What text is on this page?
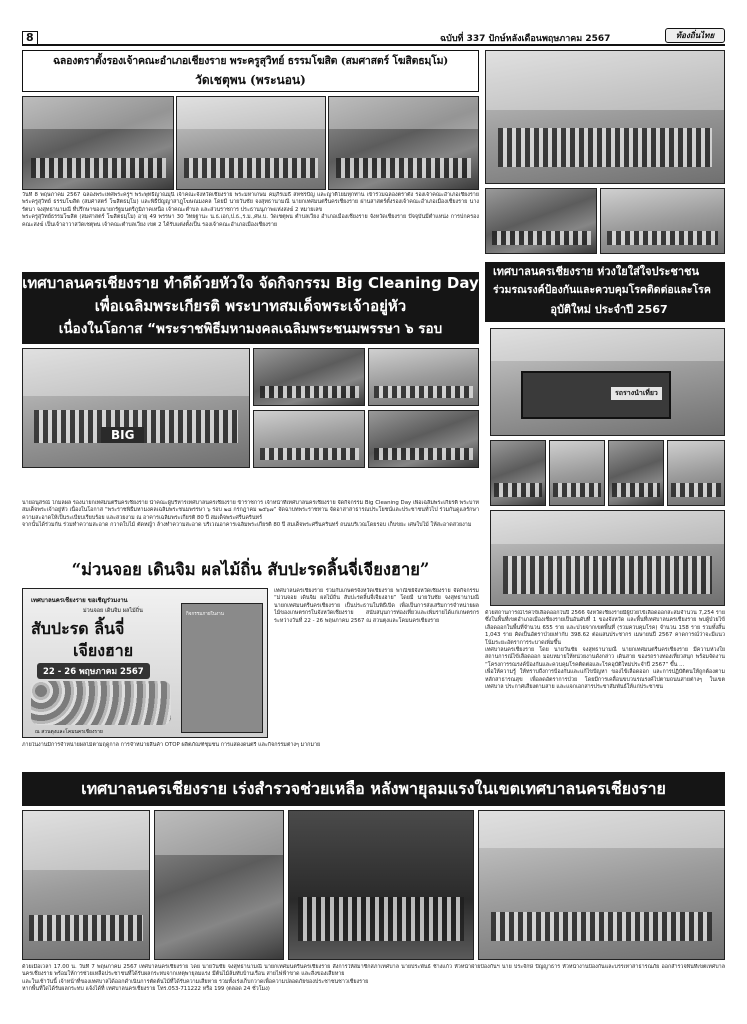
8	ฉบับที่ 337 ปักษ์หลังเดือนพฤษภาคม 2567	ท้องถิ่นไทย
ฉลองตราตั้งรองเจ้าคณะอำเภอเชียงราย พระครูสุวิทย์ ธรรมโฆสิต (สมศาสตร์ โฆสิตธมฺโม)
วัดเชตุพน (พระนอน)

วันที่ 8 พฤษภาคม 2567 ฉลองพระเทศพระครูฯ พระพุทธิญาณมุนี เจ้าคณะจังหวัดเชียงราย พระมหาเกษม คมฺภีรเมธี สหชรปัญ และญาติโยมทุกท่าน เข้าร่วมฉลองตราตั้ง รองเจ้าคณะอำเภอเชียงราย พระครูสุวิทย์ ธรรมโฆสิต (สมศาสตร์ โฆสิตธมฺโม) และพิธีปัญญาสาฎุโฆษณมงคล โดยมี นายวันชัย จงสุทธานามณี นายกเทศมนตรีนครเชียงราย ผ่านสาสตร์ตั้งรองเจ้าคณะอำเภอเมืองเชียงราย นางรัตนา จงสุทธานามณี ที่ปรึกษาของนายกรัฐมนตรีภูมิภาคเหนือ เจ้าคณะตำบล และส่วนราชการ ประธานนุภาพแห่งสงฆ์ 2 หมายเลข

พระครูสุวิทย์ธรรมโฆสิต (สมศาสตร์ โฆสิตธมฺโม) อายุ 49 พรรษา 30 วิทยฐานะ น.ธ.เอก,ป.ธ.,ร.ม.,ศษ.บ. วัดเชตุพน ตำบลเวียง อำเภอเมืองเชียงราย จังหวัดเชียงราย ปัจจุบันมีตำแหน่ง การปกครองคณะสงฆ์ เป็นเจ้าอาวาสวัดเชตุพน เจ้าคณะตำบลเวียง เขต 2 ได้รับแต่งตั้งเป็น รองเจ้าคณะอำเภอเมืองเชียงราย

เทศบาลนครเชียงราย ทำดีด้วยหัวใจ จัดกิจกรรม Big Cleaning Day
เพื่อเฉลิมพระเกียรติ พระบาทสมเด็จพระเจ้าอยู่หัว
เนื่องในโอกาส “พระราชพิธีมหามงคลเฉลิมพระชนมพรรษา ๖ รอบ
BIG

นายอนุสรณ์ โกมลผล รองนายกเทศมนตรีนครเชียงราย นำคณะผู้บริหารเทศบาลนครเชียงราย ข้าราชการ เจ้าหน้าที่เทศบาลนครเชียงราย จัดกิจกรรม Big Cleaning Day เพื่อเฉลิมพระเกียรติ พระบาทสมเด็จพระเจ้าอยู่หัว เนื่องในโอกาส “พระราชพิธีมหามงคลเฉลิมพระชนมพรรษา ๖ รอบ ๒๘ กรกฎาคม ๒๕๖๗” จัดฉาบทพระราชทาน จัดอาสาสาธารณประโยชน์และประชาชนทั่วไป ร่วมกันดูแลรักษาความสะอาดให้เป็นระเบียบเรียบร้อย และสวยงาม ณ อาคารเฉลิมพระเกียรติ 80 ปี สมเด็จพระศรีนครินทร์

จากนั้นได้ร่วมกัน ร่วมทำความสะอาด กวาดใบไม้ ตัดหญ้า ล้างทำความสะอาด บริเวณอาคารเฉลิมพระเกียรติ 80 ปี สมเด็จพระศรีนครินทร์ ถนนบริเวณโดยรอบ เก็บขยะ เศษใบไม้ ให้สะอาดสวยงาม

เทศบาลนครเชียงราย ห่วงใยใส่ใจประชาชน
ร่วมรณรงค์ป้องกันและควบคุมโรคติดต่อและโรค
อุบัติใหม่ ประจำปี 2567
รถรางนำเที่ยว
“ม่วนจอย เดินจิม ผลไม้ถิ่น สับปะรดลิ้นจี่เจียงฮาย”
เทศบาลนครเชียงราย ขอเชิญร่วมงาน
ม่วนจอย เดินจิม ผลไม้ถิ่น
สับปะรด ลิ้นจี่
เจียงฮาย
22 - 26 พฤษภาคม 2567
ณ สวนตุงและโคมนครเชียงราย
กิจกรรมภายในงาน

เทศบาลนครเชียงราย ร่วมกับเกษตรจังหวัดเชียงราย พาณิชย์จังหวัดเชียงราย จัดกิจกรรม “ม่วนจอย เดินจิม ผลไม้ถิ่น สับปะรดลิ้นจี่เจียงฮาย” โดยมี นายวันชัย จงสุทธานามณี นายกเทศมนตรีนครเชียงราย เป็นประธานในพิธีเปิด เพื่อเป็นการส่งเสริมการจำหน่ายผลไม้ของเกษตรกรในจังหวัดเชียงราย สนับสนุนการท่องเที่ยวและเพิ่มรายได้แก่เกษตรกร ระหว่างวันที่ 22 - 26 พฤษภาคม 2567 ณ สวนตุงและโคมนครเชียงราย

ภายในงานมีการจำหน่ายผลไม้ตามฤดูกาล การจำหน่ายสินค้า OTOP ผลิตภัณฑ์ชุมชน การแสดงดนตรี และกิจกรรมต่างๆ มากมาย

ด้วยสถานการณ์โรคไข้เลือดออกในปี 2566 จังหวัดเชียงรายมีผู้ป่วยไข้เลือดออกสะสมจำนวน 7,254 ราย ซึ่งในพื้นที่เขตอำเภอเมืองเชียงรายเป็นอันดับที่ 1 ของจังหวัด และพื้นที่เทศบาลนครเชียงราย พบผู้ป่วยไข้เลือดออกในพื้นที่จำนวน 655 ราย และปวยจากเขตพื้นที่ (รวมควบคุมโรค) จำนวน 158 ราย รวมทั้งสิ้น 1,043 ราย คิดเป็นอัตราป่วยเท่ากับ 398.62 ต่อแสนประชากร เมษายนปี 2567 คาดการณ์ว่าจะมีแนวโน้มระยะอัตราการระบาดเพิ่มขึ้น

เทศบาลนครเชียงราย โดย นายวันชัย จงสุทธานามณี นายกเทศมนตรีนครเชียงราย มีความห่วงใยสถานการณ์ไข้เลือดออก มอบหมายให้หน่วยงานดังกล่าว เดินสาย ของรถรางทองเที่ยวสนุก พร้อมจัดงาน “โครงการรณรงค์ป้องกันและควบคุมโรคติดต่อและโรคอุบัติใหม่ประจำปี 2567” ขึ้น ...

เพื่อให้ความรู้ ให้ทราบถึงการป้องกันและแก้ไขปัญหา ของไข้เลือดออก และการปฏิบัติตนให้ถูกต้องตามหลักสาธารณสุข เพื่อลดอัตราการป่วย โดยมีการเคลื่อนขบวนรณรงค์ไปตามถนนสายต่างๆ ในเขตเทศบาล ประกาศเสียงตามสาย และแจกเอกสารประชาสัมพันธ์ให้แก่ประชาชน

เทศบาลนครเชียงราย เร่งสำรวจช่วยเหลือ หลังพายุลมแรงในเขตเทศบาลนครเชียงราย

ด้วยเมื่อเวลา 17.00 น. วันที่ 7 พฤษภาคม 2567 เทศบาลนครเชียงราย โดย นายวันชัย จงสุทธานามณี นายกเทศมนตรีนครเชียงราย สั่งการให้สมาชิกสภาเทศบาล นายประพันธ์ ช้างแก้ว หัวหน้าฝ่ายป้องกันฯ นาย ประจักษ์ ปัญญาธาร หัวหน้างานป้องกันและบรรเทาสาธารณภัย ออกสำรวจพื้นที่เขตเทศบาลนครเชียงราย พร้อมให้การช่วยเหลือประชาชนที่ได้รับผลกระทบจากเหตุพายุลมแรง มีต้นไม้ล้มทับบ้านเรือน สายไฟฟ้าขาด และสิ่งของเสียหาย

และในเช้าวันนี้ เจ้าหน้าที่ของเทศบาลได้ออกดำเนินการตัดต้นไม้ที่ได้รับความเสียหาย รวมทั้งเร่งเก็บกวาดเพื่อความปลอดภัยของประชาชนชาวเชียงราย

หากพื้นที่ใดได้รับผลกระทบ แจ้งได้ที่ เทศบาลนครเชียงราย โทร.053-711222 หรือ 199 (ตลอด 24 ชั่วโมง)
